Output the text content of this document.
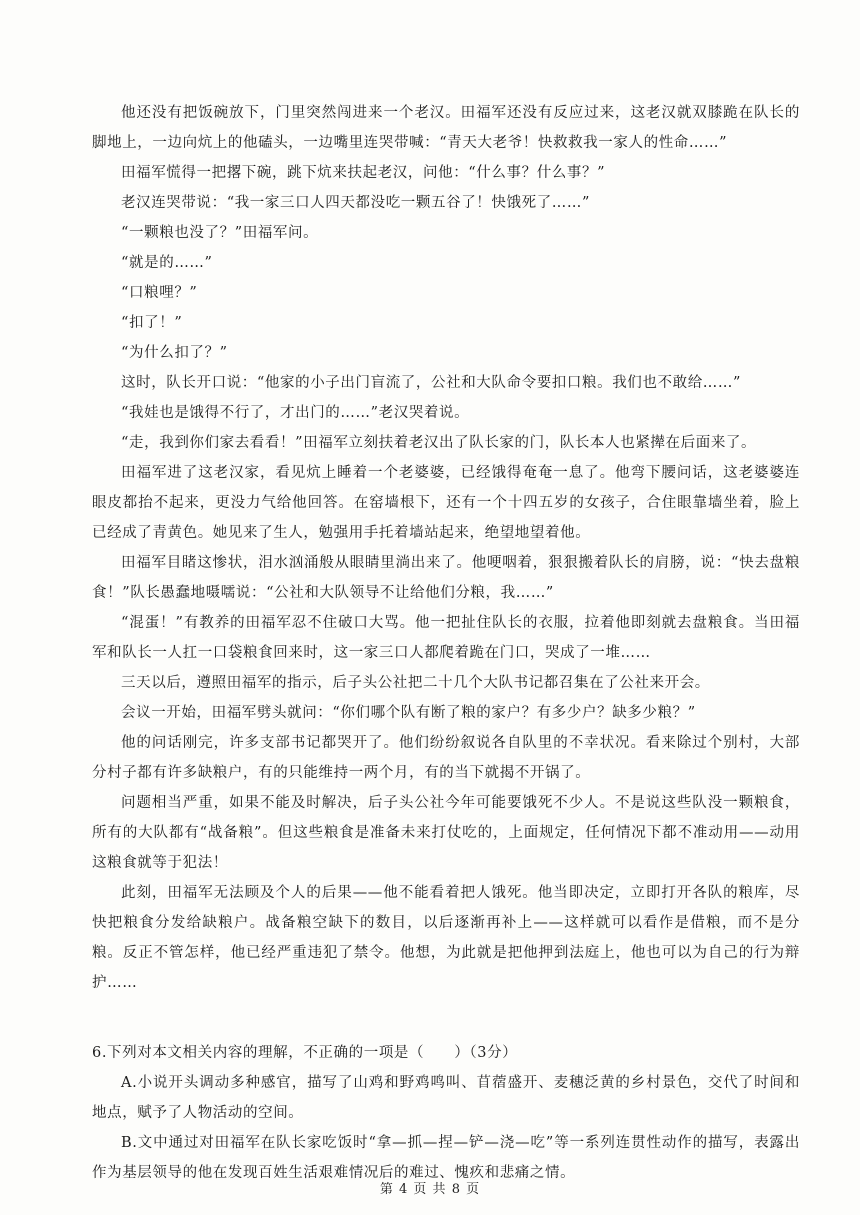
他还没有把饭碗放下，门里突然闯进来一个老汉。田福军还没有反应过来，这老汉就双膝跪在队长的脚地上，一边向炕上的他磕头，一边嘴里连哭带喊：“青天大老爷！快救救我一家人的性命……”

田福军慌得一把撂下碗，跳下炕来扶起老汉，问他：“什么事？什么事？”

老汉连哭带说：“我一家三口人四天都没吃一颗五谷了！快饿死了……”

“一颗粮也没了？”田福军问。

“就是的……”

“口粮哩？”

“扣了！”

“为什么扣了？”

这时，队长开口说：“他家的小子出门盲流了，公社和大队命令要扣口粮。我们也不敢给……”

“我娃也是饿得不行了，才出门的……”老汉哭着说。

“走，我到你们家去看看！”田福军立刻扶着老汉出了队长家的门，队长本人也紧撵在后面来了。

田福军进了这老汉家，看见炕上睡着一个老婆婆，已经饿得奄奄一息了。他弯下腰问话，这老婆婆连眼皮都抬不起来，更没力气给他回答。在窑墙根下，还有一个十四五岁的女孩子，合住眼靠墙坐着，脸上已经成了青黄色。她见来了生人，勉强用手托着墙站起来，绝望地望着他。

田福军目睹这惨状，泪水汹涌般从眼睛里淌出来了。他哽咽着，狠狠搬着队长的肩膀，说：“快去盘粮食！”队长愚蠢地嗫嚅说：“公社和大队领导不让给他们分粮，我……”

“混蛋！”有教养的田福军忍不住破口大骂。他一把扯住队长的衣服，拉着他即刻就去盘粮食。当田福军和队长一人扛一口袋粮食回来时，这一家三口人都爬着跪在门口，哭成了一堆……

三天以后，遵照田福军的指示，后子头公社把二十几个大队书记都召集在了公社来开会。

会议一开始，田福军劈头就问：“你们哪个队有断了粮的家户？有多少户？缺多少粮？”

他的问话刚完，许多支部书记都哭开了。他们纷纷叙说各自队里的不幸状况。看来除过个别村，大部分村子都有许多缺粮户，有的只能维持一两个月，有的当下就揭不开锅了。

问题相当严重，如果不能及时解决，后子头公社今年可能要饿死不少人。不是说这些队没一颗粮食，所有的大队都有“战备粮”。但这些粮食是准备未来打仗吃的，上面规定，任何情况下都不准动用——动用这粮食就等于犯法！

此刻，田福军无法顾及个人的后果——他不能看着把人饿死。他当即决定，立即打开各队的粮库，尽快把粮食分发给缺粮户。战备粮空缺下的数目，以后逐渐再补上——这样就可以看作是借粮，而不是分粮。反正不管怎样，他已经严重违犯了禁令。他想，为此就是把他押到法庭上，他也可以为自己的行为辩护……

6.下列对本文相关内容的理解，不正确的一项是（　　）（3分）

A.小说开头调动多种感官，描写了山鸡和野鸡鸣叫、苜蓿盛开、麦穗泛黄的乡村景色，交代了时间和地点，赋予了人物活动的空间。

B.文中通过对田福军在队长家吃饭时“拿—抓—捏—铲—浇—吃”等一系列连贯性动作的描写，表露出作为基层领导的他在发现百姓生活艰难情况后的难过、愧疚和悲痛之情。

第 4 页 共 8 页
